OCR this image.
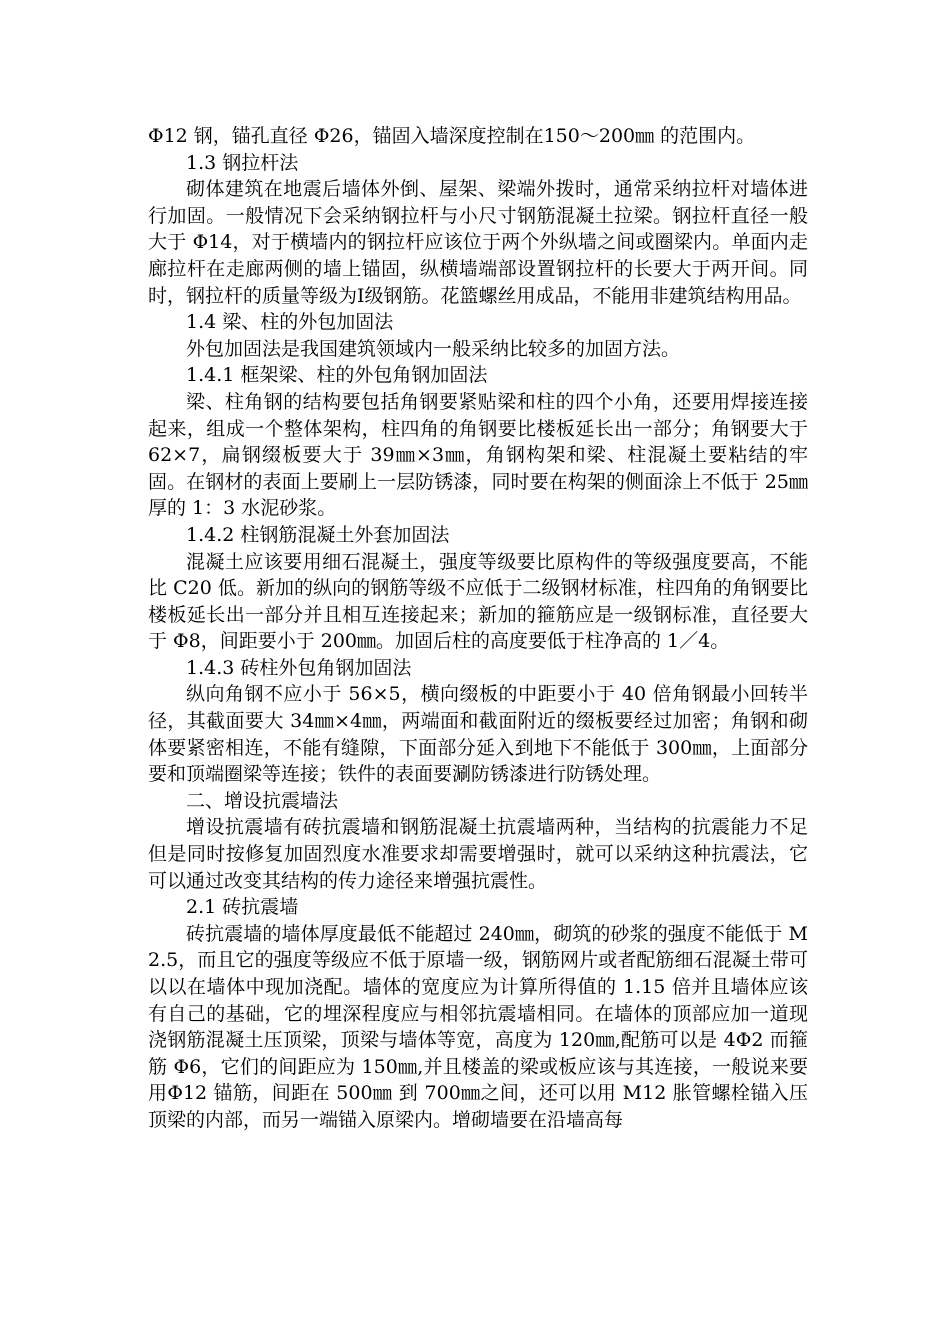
Φ12 钢，锚孔直径 Φ26，锚固入墙深度控制在150～200㎜ 的范围内。

1.3 钢拉杆法

砌体建筑在地震后墙体外倒、屋架、梁端外拨时，通常采纳拉杆对墙体进行加固。一般情况下会采纳钢拉杆与小尺寸钢筋混凝土拉梁。钢拉杆直径一般大于 Φ14，对于横墙内的钢拉杆应该位于两个外纵墙之间或圈梁内。单面内走廊拉杆在走廊两侧的墙上锚固，纵横墙端部设置钢拉杆的长要大于两开间。同时，钢拉杆的质量等级为Ⅰ级钢筋。花篮螺丝用成品，不能用非建筑结构用品。

1.4 梁、柱的外包加固法

外包加固法是我国建筑领域内一般采纳比较多的加固方法。

1.4.1 框架梁、柱的外包角钢加固法

梁、柱角钢的结构要包括角钢要紧贴梁和柱的四个小角，还要用焊接连接起来，组成一个整体架构，柱四角的角钢要比楼板延长出一部分；角钢要大于 62×7，扁钢缀板要大于 39㎜×3㎜，角钢构架和梁、柱混凝土要粘结的牢固。在钢材的表面上要刷上一层防锈漆，同时要在构架的侧面涂上不低于 25㎜ 厚的 1：3 水泥砂浆。

1.4.2 柱钢筋混凝土外套加固法

混凝土应该要用细石混凝土，强度等级要比原构件的等级强度要高，不能比 C20 低。新加的纵向的钢筋等级不应低于二级钢材标准，柱四角的角钢要比楼板延长出一部分并且相互连接起来；新加的箍筋应是一级钢标准，直径要大于 Φ8，间距要小于 200㎜。加固后柱的高度要低于柱净高的 1／4。

1.4.3 砖柱外包角钢加固法

纵向角钢不应小于 56×5，横向缀板的中距要小于 40 倍角钢最小回转半径，其截面要大 34㎜×4㎜，两端面和截面附近的缀板要经过加密；角钢和砌体要紧密相连，不能有缝隙，下面部分延入到地下不能低于 300㎜，上面部分要和顶端圈梁等连接；铁件的表面要涮防锈漆进行防锈处理。

二、增设抗震墙法

增设抗震墙有砖抗震墙和钢筋混凝土抗震墙两种，当结构的抗震能力不足但是同时按修复加固烈度水准要求却需要增强时，就可以采纳这种抗震法，它可以通过改变其结构的传力途径来增强抗震性。

2.1 砖抗震墙

砖抗震墙的墙体厚度最低不能超过 240㎜，砌筑的砂浆的强度不能低于 M2.5，而且它的强度等级应不低于原墙一级，钢筋网片或者配筋细石混凝土带可以以在墙体中现加浇配。墙体的宽度应为计算所得值的 1.15 倍并且墙体应该有自己的基础，它的埋深程度应与相邻抗震墙相同。在墙体的顶部应加一道现浇钢筋混凝土压顶梁，顶梁与墙体等宽，高度为 120㎜,配筋可以是 4Φ2 而箍筋 Φ6，它们的间距应为 150㎜,并且楼盖的梁或板应该与其连接，一般说来要用Φ12 锚筋，间距在 500㎜ 到 700㎜之间，还可以用 M12 胀管螺栓锚入压顶梁的内部，而另一端锚入原梁内。增砌墙要在沿墙高每
